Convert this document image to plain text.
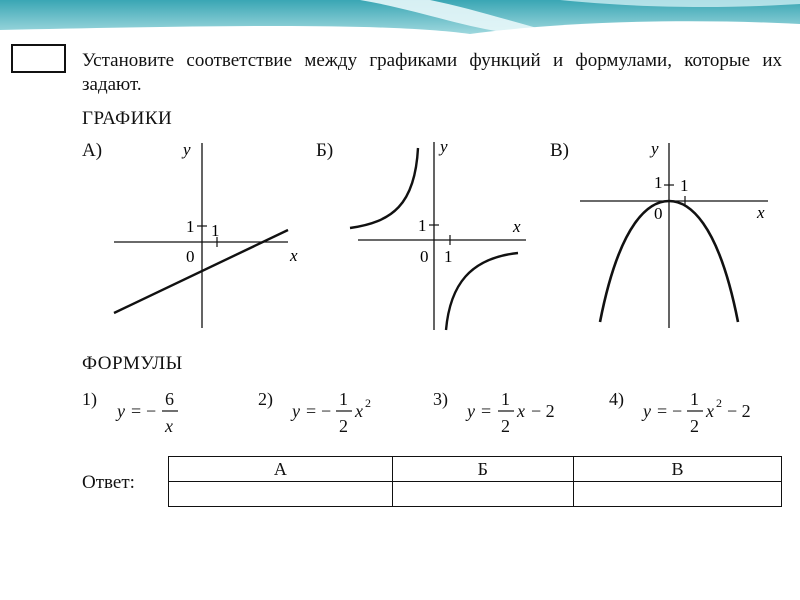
Установите соответствие между графиками функций и формулами, которые их задают.
ГРАФИКИ
А)	Б)	В)
y
x
1 1
0
y
x
1
1
0
y
x
1 1
0
1)
y = −
6
x
2)
y = −
1
2
x 2	3)
y =
1
2
x − 2
4)
y = −
1
2
x 2 − 2
ФОРМУЛЫ
Ответ:
А	Б	В
